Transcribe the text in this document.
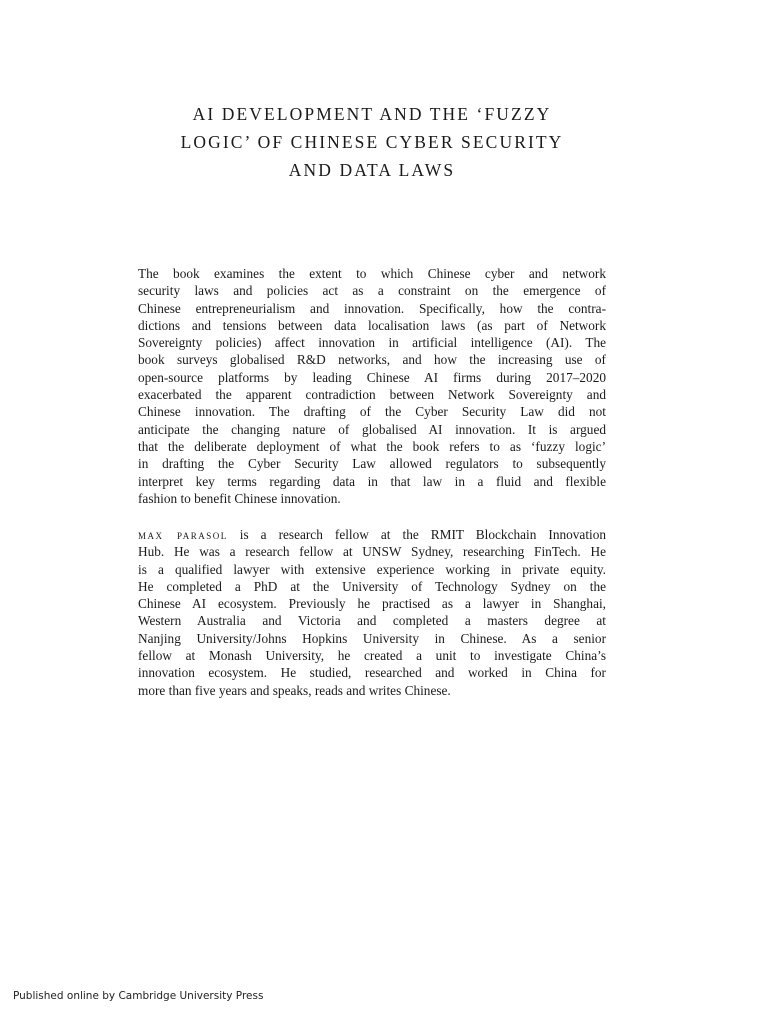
AI DEVELOPMENT AND THE ‘FUZZY
LOGIC’ OF CHINESE CYBER SECURITY
AND DATA LAWS
The book examines the extent to which Chinese cyber and network
security laws and policies act as a constraint on the emergence of
Chinese entrepreneurialism and innovation. Specifically, how the contra-
dictions and tensions between data localisation laws (as part of Network
Sovereignty policies) affect innovation in artificial intelligence (AI). The
book surveys globalised R&D networks, and how the increasing use of
open-source platforms by leading Chinese AI firms during 2017–2020
exacerbated the apparent contradiction between Network Sovereignty and
Chinese innovation. The drafting of the Cyber Security Law did not
anticipate the changing nature of globalised AI innovation. It is argued
that the deliberate deployment of what the book refers to as ‘fuzzy logic’
in drafting the Cyber Security Law allowed regulators to subsequently
interpret key terms regarding data in that law in a fluid and flexible
fashion to benefit Chinese innovation.
max parasol is a research fellow at the RMIT Blockchain Innovation
Hub. He was a research fellow at UNSW Sydney, researching FinTech. He
is a qualified lawyer with extensive experience working in private equity.
He completed a PhD at the University of Technology Sydney on the
Chinese AI ecosystem. Previously he practised as a lawyer in Shanghai,
Western Australia and Victoria and completed a masters degree at
Nanjing University/Johns Hopkins University in Chinese. As a senior
fellow at Monash University, he created a unit to investigate China’s
innovation ecosystem. He studied, researched and worked in China for
more than five years and speaks, reads and writes Chinese.
Published online by Cambridge University Press
